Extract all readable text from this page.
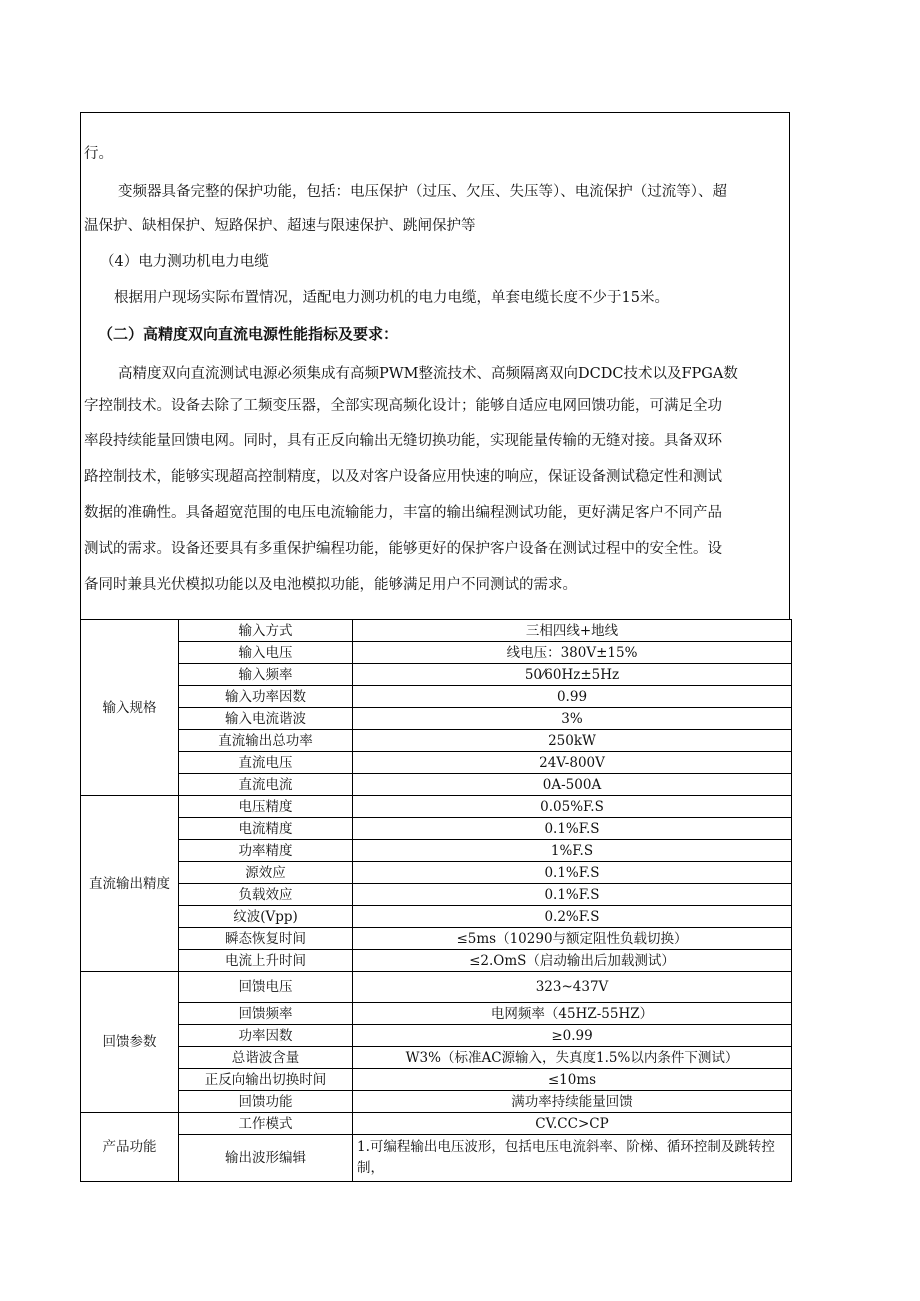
行。
变频器具备完整的保护功能，包括：电压保护（过压、欠压、失压等）、电流保护（过流等）、超
温保护、缺相保护、短路保护、超速与限速保护、跳闸保护等
（4）电力测功机电力电缆
根据用户现场实际布置情况，适配电力测功机的电力电缆，单套电缆长度不少于15米。
（二）高精度双向直流电源性能指标及要求：
高精度双向直流测试电源必须集成有高频PWM整流技术、高频隔离双向DCDC技术以及FPGA数
字控制技术。设备去除了工频变压器，全部实现高频化设计；能够自适应电网回馈功能，可满足全功
率段持续能量回馈电网。同时，具有正反向输出无缝切换功能，实现能量传输的无缝对接。具备双环
路控制技术，能够实现超高控制精度，以及对客户设备应用快速的响应，保证设备测试稳定性和测试
数据的准确性。具备超宽范围的电压电流输能力，丰富的输出编程测试功能，更好满足客户不同产品
测试的需求。设备还要具有多重保护编程功能，能够更好的保护客户设备在测试过程中的安全性。设
备同时兼具光伏模拟功能以及电池模拟功能，能够满足用户不同测试的需求。
输入规格	输入方式	三相四线+地线
	输入电压	线电压：380V±15%
	输入频率	50⁄60Hz±5Hz
	输入功率因数	0.99
	输入电流谐波	3%
	直流输出总功率	250kW
	直流电压	24V-800V
	直流电流	0A-500A
直流输出精度	电压精度	0.05%F.S
	电流精度	0.1%F.S
	功率精度	1%F.S
	源效应	0.1%F.S
	负载效应	0.1%F.S
	纹波(Vpp)	0.2%F.S
	瞬态恢复时间	≤5ms（10290与额定阻性负载切换）
	电流上升时间	≤2.OmS（启动输出后加载测试）
回馈参数	回馈电压	323~437V
	回馈频率	电网频率（45HZ-55HZ）
	功率因数	≥0.99
	总谐波含量	W3%（标准AC源输入，失真度1.5%以内条件下测试）
	正反向输出切换时间	≤10ms
	回馈功能	满功率持续能量回馈
产品功能	工作模式	CV.CC>CP
	输出波形编辑	1.可编程输出电压波形，包括电压电流斜率、阶梯、循环控制及跳转控制，
